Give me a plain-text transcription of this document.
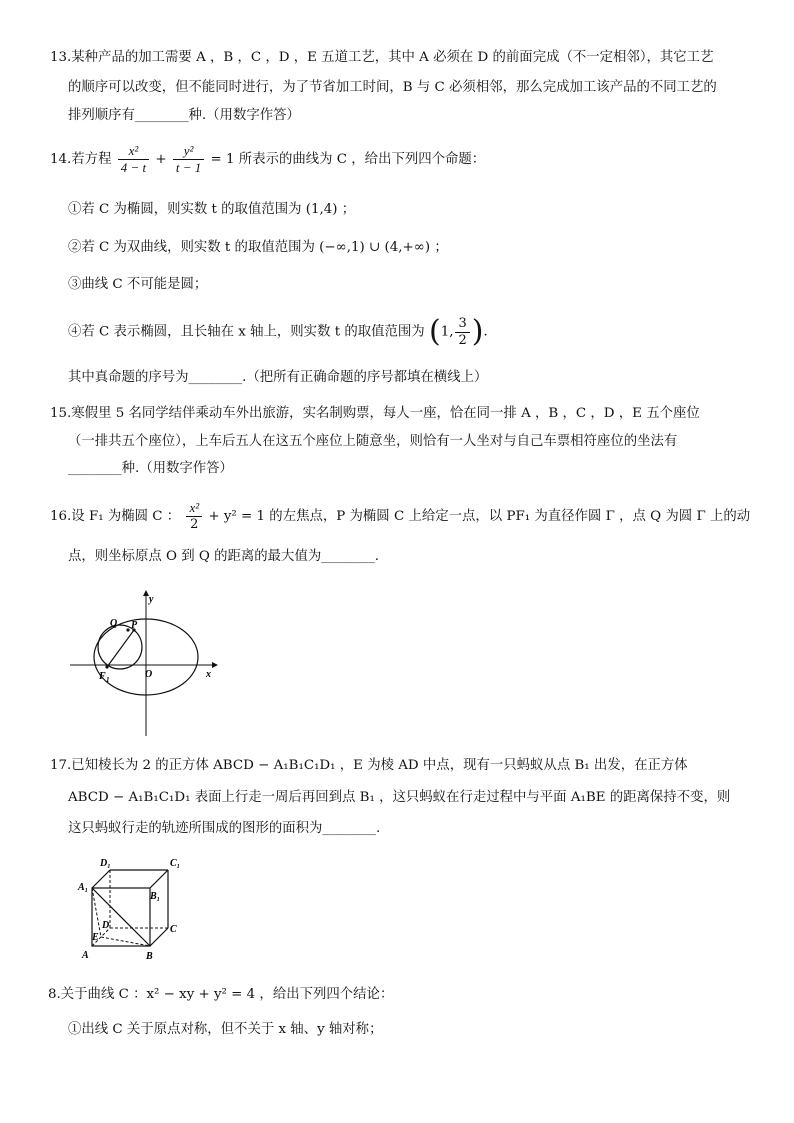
13.某种产品的加工需要 A ，B ，C ，D ，E 五道工艺，其中 A 必须在 D 的前面完成（不一定相邻），其它工艺
的顺序可以改变，但不能同时进行，为了节省加工时间，B 与 C 必须相邻，那么完成加工该产品的不同工艺的
排列顺序有________种.（用数字作答）
14.若方程 $\frac{\text{x²}}{4 - t} + \frac{\text{y²}}{t - 1} = 1$ 所表示的曲线为 C ，给出下列四个命题：
①若 C 为椭圆，则实数 t 的取值范围为 (1,4) ；
②若 C 为双曲线，则实数 t 的取值范围为 (−∞,1) ∪ (4,+∞) ；
③曲线 C 不可能是圆；
④若 C 表示椭圆，且长轴在 x 轴上，则实数 t 的取值范围为 (1, $\frac{3}{2}$ ).
其中真命题的序号为________.（把所有正确命题的序号都填在横线上）
15.寒假里 5 名同学结伴乘动车外出旅游，实名制购票，每人一座，恰在同一排 A ，B ，C ，D ，E 五个座位
（一排共五个座位），上车后五人在这五个座位上随意坐，则恰有一人坐对与自己车票相符座位的坐法有
________种.（用数字作答）
16.设 F₁ 为椭圆 C ： $\frac{\text{x²}}{2} + y^2 = 1$ 的左焦点，P 为椭圆 C 上给定一点，以 PF₁ 为直径作圆 Γ ，点 Q 为圆 Γ 上的动
点，则坐标原点 O 到 Q 的距离的最大值为________.
y
x
Q P
F 1	O
17.已知棱长为 2 的正方体 ABCD − A₁B₁C₁D₁ ，E 为棱 AD 中点，现有一只蚂蚁从点 B₁ 出发，在正方体
ABCD − A₁B₁C₁D₁ 表面上行走一周后再回到点 B₁ ，这只蚂蚁在行走过程中与平面 A₁BE 的距离保持不变，则
这只蚂蚁行走的轨迹所围成的图形的面积为________.
D₁	C₁
A₁
B₁
D	C
E
A	B
8.关于曲线 C ：x² − xy + y² = 4 ，给出下列四个结论：
①出线 C 关于原点对称，但不关于 x 轴、y 轴对称；
